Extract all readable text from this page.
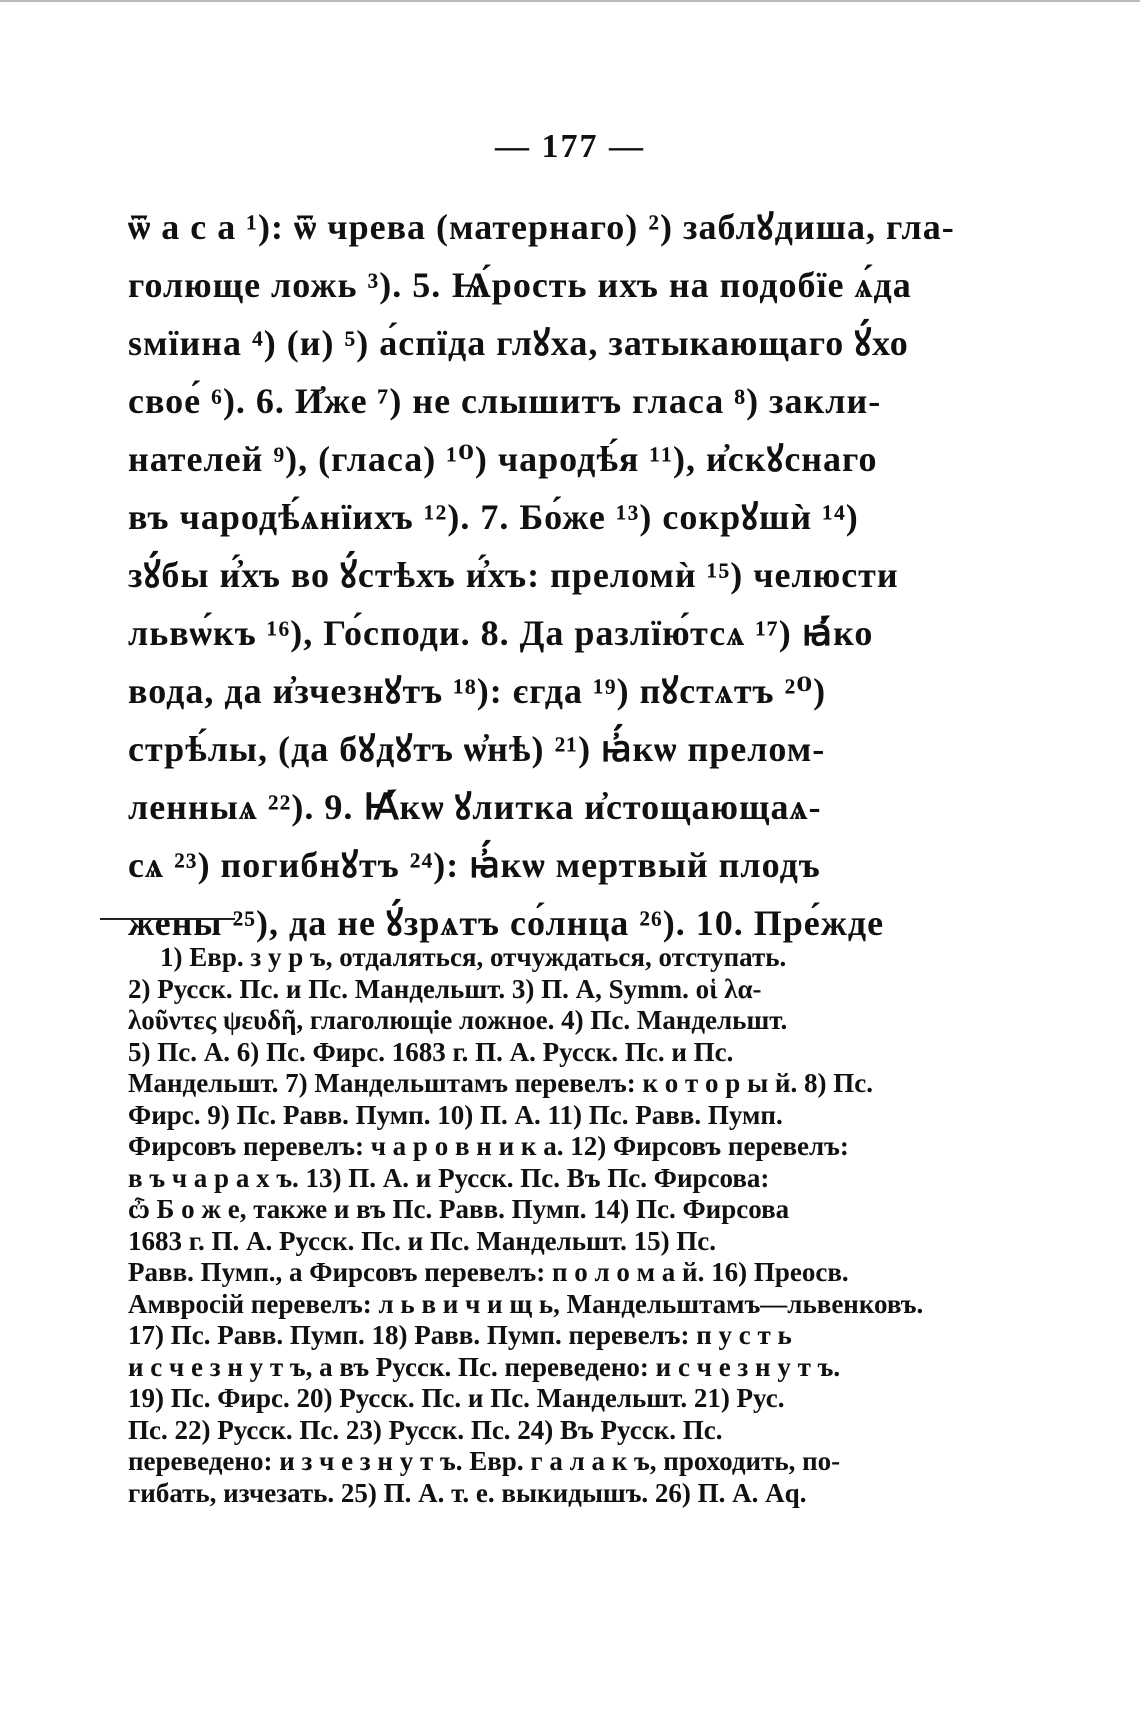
— 177 —
ѿ а с а ¹): ѿ чрева (матернаго) ²) заблꙋдиша, гла-
голюще ложь ³). 5. Ѩ́рость ихъ на подобїе ѧ́да
ѕмїина ⁴) (и) ⁵) а́спїда глꙋха, затыкающаго ꙋ́хо
свое́ ⁶). 6. И҆же ⁷) не слышитъ гласа ⁸) закли-
нателей ⁹), (гласа) ¹⁰) чародѣ́я ¹¹), и҆скꙋснаго
въ чародѣ́ѧнїихъ ¹²). 7. Бо́же ¹³) сокрꙋшѝ ¹⁴)
зꙋ́бы и҆́хъ во ꙋ́стѣхъ и҆́хъ: преломѝ ¹⁵) челюсти
львѡ́къ ¹⁶), Го́споди. 8. Да разлїю́тсѧ ¹⁷) ꙗ҆́ко
вода, да и҆зчезнꙋтъ ¹⁸): єгда ¹⁹) пꙋстѧтъ ²⁰)
стрѣ́лы, (да бꙋдꙋтъ ѡ҆нѣ) ²¹) ꙗ҆́кѡ прелом-
ленныѧ ²²). 9. Ꙗ҆́кѡ ꙋлитка и҆стощающаѧ-
сѧ ²³) погибнꙋтъ ²⁴): ꙗ҆́кѡ мертвый плодъ
жены ²⁵), да не ꙋ́зрѧтъ со́лнца ²⁶). 10. Пре́жде
1) Евр. з у р ъ, отдаляться, отчуждаться, отступать.
2) Русск. Пс. и Пс. Мандельшт. 3) П. А, Symm. οἱ λα-
λοῦντες ψευδῆ, глаголющіе ложное. 4) Пс. Мандельшт.
5) Пс. А. 6) Пс. Фирс. 1683 г. П. А. Русск. Пс. и Пс.
Мандельшт. 7) Мандельштамъ перевелъ: к о т о р ы й. 8) Пс.
Фирс. 9) Пс. Равв. Пумп. 10) П. А. 11) Пс. Равв. Пумп.
Фирсовъ перевелъ: ч а р о в н и к а. 12) Фирсовъ перевелъ:
в ъ ч а р а х ъ. 13) П. А. и Русск. Пс. Въ Пс. Фирсова:
ѽ Б о ж е, также и въ Пс. Равв. Пумп. 14) Пс. Фирсова
1683 г. П. А. Русск. Пс. и Пс. Мандельшт. 15) Пс.
Равв. Пумп., а Фирсовъ перевелъ: п о л о м а й. 16) Преосв.
Амвросій перевелъ: л ь в и ч и щ ь, Мандельштамъ—львенковъ.
17) Пс. Равв. Пумп. 18) Равв. Пумп. перевелъ: п у с т ь
и с ч е з н у т ъ, а въ Русск. Пс. переведено: и с ч е з н у т ъ.
19) Пс. Фирс. 20) Русск. Пс. и Пс. Мандельшт. 21) Рус.
Пс. 22) Русск. Пс. 23) Русск. Пс. 24) Въ Русск. Пс.
переведено: и з ч е з н у т ъ. Евр. г а л а к ъ, проходить, по-
гибать, изчезать. 25) П. А. т. е. выкидышъ. 26) П. А. Aq.
